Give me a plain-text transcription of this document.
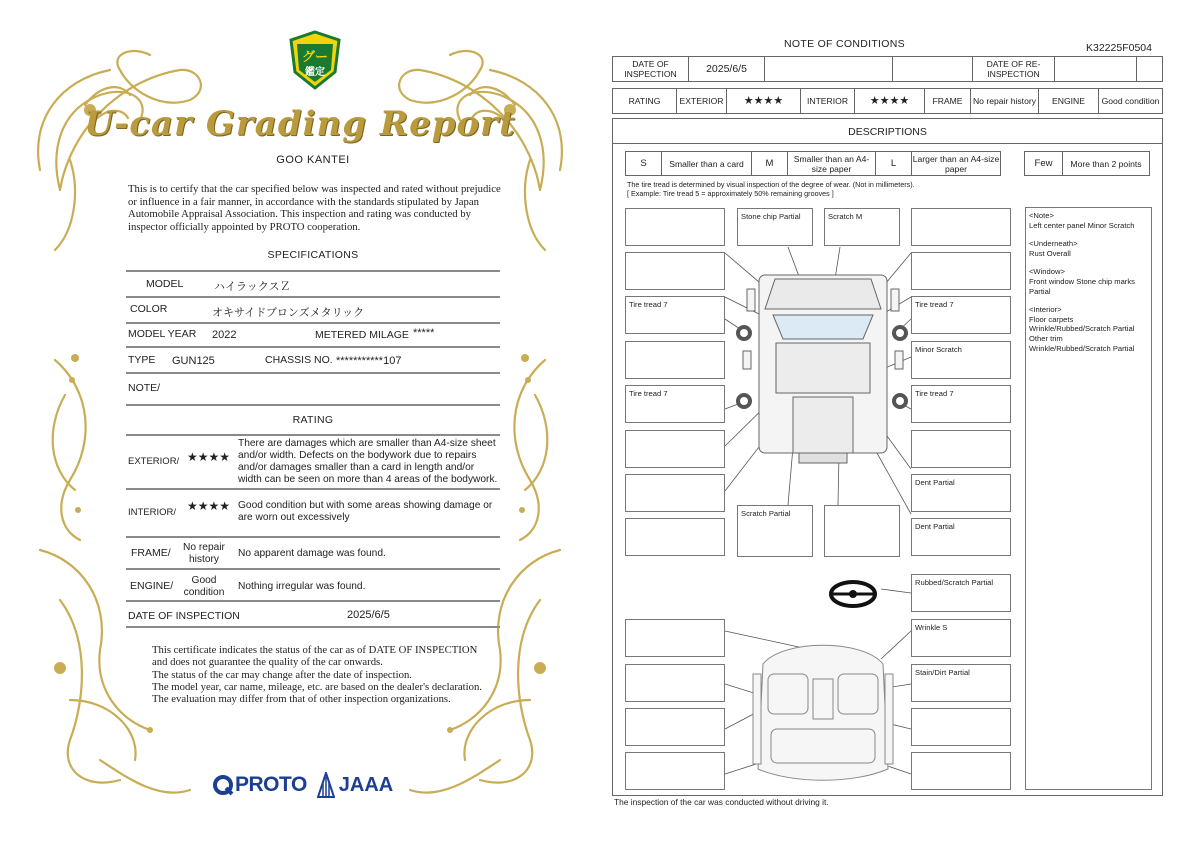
グー
鑑定
U-car Grading Report
GOO KANTEI
This is to certify that the car specified below was inspected and rated without prejudice or influence in a fair manner, in accordance with the standards stipulated by Japan Automobile Appraisal Association. This inspection and rating was conducted by inspector officially appointed by PROTO cooperation.
SPECIFICATIONS
MODEL	ハイラックスＺ
COLOR	オキサイドブロンズメタリック
MODEL YEAR 2022	METERED MILAGE *****
TYPE GUN125	CHASSIS NO. ***********107
NOTE/
RATING
EXTERIOR/ ★★★★
There are damages which are smaller than A4-size sheet and/or width. Defects on the bodywork due to repairs and/or damages smaller than a card in length and/or width can be seen on more than 4 areas of the bodywork.
INTERIOR/ ★★★★ Good condition but with some areas showing damage or are worn out excessively
FRAME/	No repair history	No apparent damage was found.
ENGINE/	Good condition	Nothing irregular was found.
DATE OF INSPECTION	2025/6/5
This certificate indicates the status of the car as of DATE OF INSPECTION and does not guarantee the quality of the car onwards.
The status of the car may change after the date of inspection.
The model year, car name, mileage, etc. are based on the dealer's declaration.
The evaluation may differ from that of other inspection organizations.
PROTO JAAA
NOTE OF CONDITIONS	K32225F0504
DATE OF INSPECTION	2025/6/5	DATE OF RE-INSPECTION
RATING	EXTERIOR	★★★★	INTERIOR	★★★★	FRAME	No repair history	ENGINE	Good condition
DESCRIPTIONS
S	Smaller than a card	M	Smaller than an A4-size paper	L	Larger than an A4-size paper	Few	More than 2 points
The tire tread is determined by visual inspection of the degree of wear. (Not in millimeters).
[ Example: Tire tread 5 = approximately 50% remaining grooves ]
Stone chip Partial	Scratch M
Tire tread 7	Tire tread 7
Minor Scratch
Tire tread 7	Tire tread 7
Dent Partial
Scratch Partial
Dent Partial
Rubbed/Scratch Partial
Wrinkle S
Stain/Dirt Partial

<Note>
Left center panel Minor Scratch

<Underneath>
Rust Overall

<Window>
Front window Stone chip marks Partial

<Interior>
Floor carpets
Wrinkle/Rubbed/Scratch Partial
Other trim
Wrinkle/Rubbed/Scratch Partial

The inspection of the car was conducted without driving it.
